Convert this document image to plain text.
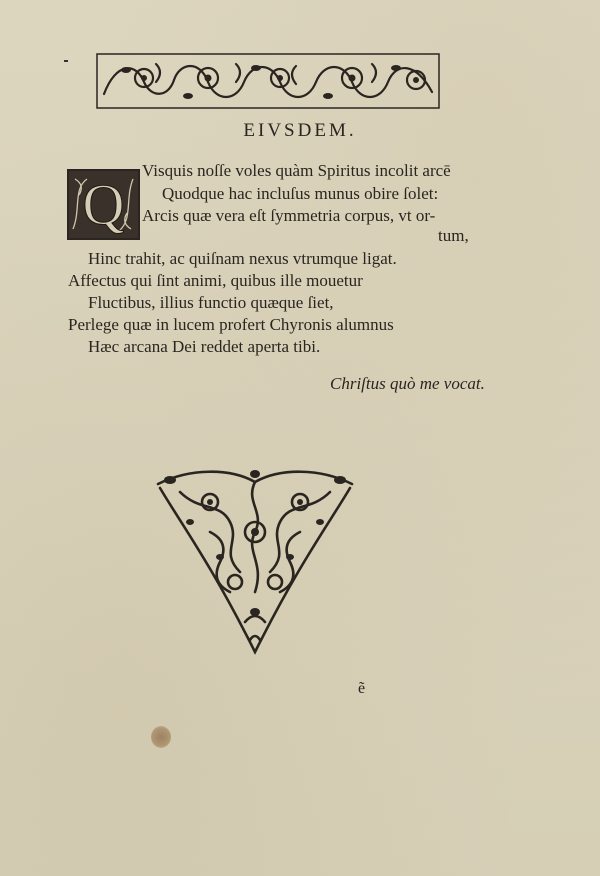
EIVSDEM.
Q
Visquis noſſe voles quàm Spiritus incolit arcē
Quodque hac incluſus munus obire ſolet:
Arcis quæ vera eſt ſymmetria corpus, vt or-
tum,
Hinc trahit, ac quiſnam nexus vtrumque ligat.
Affectus qui ſint animi, quibus ille mouetur
Fluctibus, illius functio quæque ſiet,
Perlege quæ in lucem profert Chyronis alumnus
Hæc arcana Dei reddet aperta tibi.
Chriſtus quò me vocat.
ẽ
